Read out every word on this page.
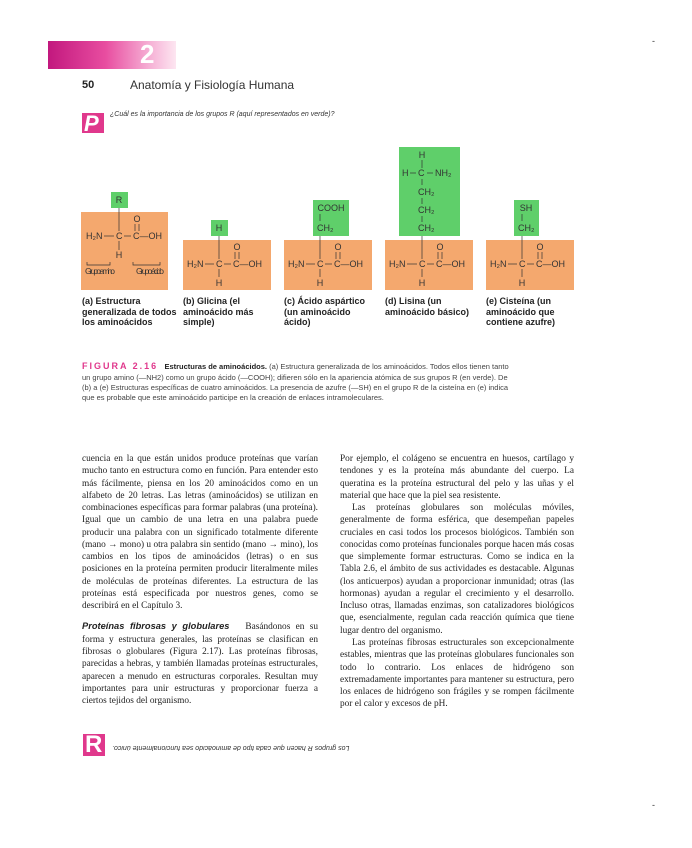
2
50	Anatomía y Fisiología Humana
P ¿Cuál es la importancia de los grupos R (aquí representados en verde)?
R
O
H₂N C C—OH
H
Grupo amino Grupo ácido
H
O
H₂N C C—OH
H
COOH
CH₂
O
H₂N C C—OH
H
H
H C NH₂
CH₂
CH₂
CH₂
O
H₂N C C—OH
H
SH
CH₂
O
H₂N C C—OH
H
(a) Estructura generalizada de todos los aminoácidos
(b) Glicina (el aminoácido más simple)
(c) Ácido aspártico (un aminoácido ácido)
(d) Lisina (un aminoácido básico)
(e) Cisteína (un aminoácido que contiene azufre)
FIGURA 2.16 Estructuras de aminoácidos. (a) Estructura generalizada de los aminoácidos. Todos ellos tienen tanto un grupo amino (—NH2) como un grupo ácido (—COOH); difieren sólo en la apariencia atómica de sus grupos R (en verde). De (b) a (e) Estructuras específicas de cuatro aminoácidos. La presencia de azufre (—SH) en el grupo R de la cisteína en (e) indica que es probable que este aminoácido participe en la creación de enlaces intramoleculares.

cuencia en la que están unidos produce proteínas que varían mucho tanto en estructura como en función. Para entender esto más fácilmente, piensa en los 20 aminoácidos como en un alfabeto de 20 letras. Las letras (aminoácidos) se utilizan en combinaciones específicas para formar palabras (una proteína). Igual que un cambio de una letra en una palabra puede producir una palabra con un significado totalmente diferente (mano → mono) u otra palabra sin sentido (mano → mino), los cambios en los tipos de aminoácidos (letras) o en sus posiciones en la proteína permiten producir literalmente miles de moléculas de proteínas diferentes. La estructura de las proteínas está especificada por nuestros genes, como se describirá en el Capítulo 3.

Proteínas fibrosas y globulares Basándonos en su forma y estructura generales, las proteínas se clasifican en fibrosas o globulares (Figura 2.17). Las proteínas fibrosas, parecidas a hebras, y también llamadas proteínas estructurales, aparecen a menudo en estructuras corporales. Resultan muy importantes para unir estructuras y proporcionar fuerza a ciertos tejidos del organismo.

Por ejemplo, el colágeno se encuentra en huesos, cartílago y tendones y es la proteína más abundante del cuerpo. La queratina es la proteína estructural del pelo y las uñas y el material que hace que la piel sea resistente.

Las proteínas globulares son moléculas móviles, generalmente de forma esférica, que desempeñan papeles cruciales en casi todos los procesos biológicos. También son conocidas como proteínas funcionales porque hacen más cosas que simplemente formar estructuras. Como se indica en la Tabla 2.6, el ámbito de sus actividades es destacable. Algunas (los anticuerpos) ayudan a proporcionar inmunidad; otras (las hormonas) ayudan a regular el crecimiento y el desarrollo. Incluso otras, llamadas enzimas, son catalizadores biológicos que, esencialmente, regulan cada reacción química que tiene lugar dentro del organismo.

Las proteínas fibrosas estructurales son excepcionalmente estables, mientras que las proteínas globulares funcionales son todo lo contrario. Los enlaces de hidrógeno son extremadamente importantes para mantener su estructura, pero los enlaces de hidrógeno son frágiles y se rompen fácilmente por el calor y excesos de pH.

R Los grupos R hacen que cada tipo de aminoácido sea funcionalmente único.
-
-
